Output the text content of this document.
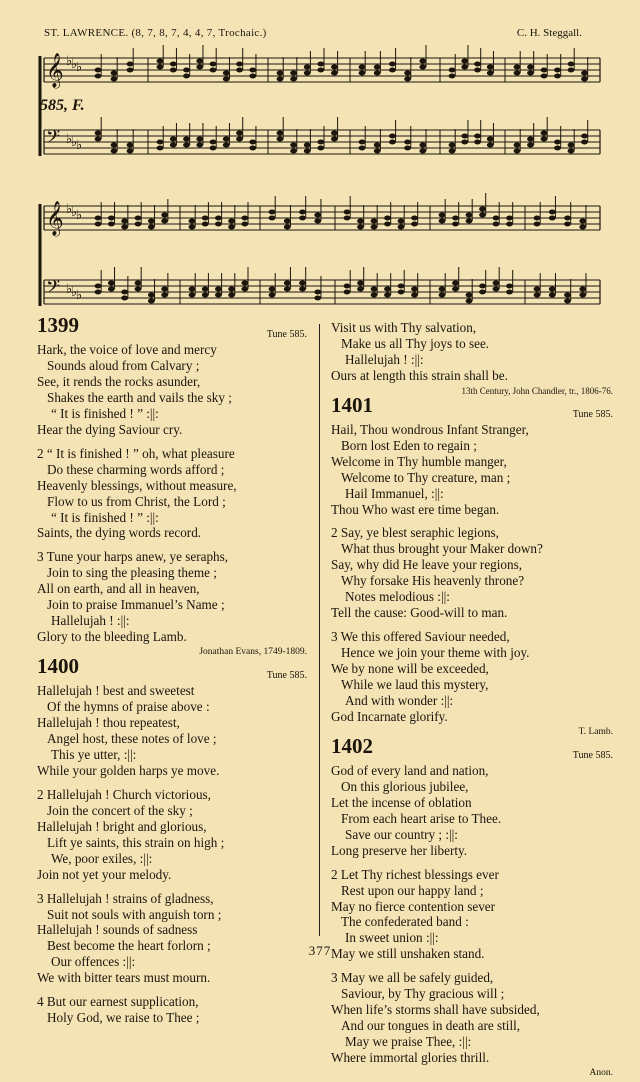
ST. LAWRENCE. (8, 7, 8, 7, 4, 4, 7, Trochaic.)	C. H. Steggall.
𝄞 ♭
♭
♭
𝄢 ♭
♭
♭
𝄞 ♭
♭
♭
𝄢 ♭
♭
♭
585, F.
1399	Tune 585.
Hark, the voice of love and mercy
Sounds aloud from Calvary ;
See, it rends the rocks asunder,
Shakes the earth and vails the sky ;
“ It is finished ! ” :||:
Hear the dying Saviour cry.
2 “ It is finished ! ” oh, what pleasure
Do these charming words afford ;
Heavenly blessings, without measure,
Flow to us from Christ, the Lord ;
“ It is finished ! ” :||:
Saints, the dying words record.
3 Tune your harps anew, ye seraphs,
Join to sing the pleasing theme ;
All on earth, and all in heaven,
Join to praise Immanuel’s Name ;
Hallelujah ! :||:
Glory to the bleeding Lamb.
Jonathan Evans, 1749-1809.
1400	Tune 585.
Hallelujah ! best and sweetest
Of the hymns of praise above :
Hallelujah ! thou repeatest,
Angel host, these notes of love ;
This ye utter, :||:
While your golden harps ye move.
2 Hallelujah ! Church victorious,
Join the concert of the sky ;
Hallelujah ! bright and glorious,
Lift ye saints, this strain on high ;
We, poor exiles, :||:
Join not yet your melody.
3 Hallelujah ! strains of gladness,
Suit not souls with anguish torn ;
Hallelujah ! sounds of sadness
Best become the heart forlorn ;
Our offences :||:
We with bitter tears must mourn.
4 But our earnest supplication,
Holy God, we raise to Thee ;
Visit us with Thy salvation,
Make us all Thy joys to see.
Hallelujah ! :||:
Ours at length this strain shall be.
13th Century, John Chandler, tr., 1806-76.
1401	Tune 585.
Hail, Thou wondrous Infant Stranger,
Born lost Eden to regain ;
Welcome in Thy humble manger,
Welcome to Thy creature, man ;
Hail Immanuel, :||:
Thou Who wast ere time began.
2 Say, ye blest seraphic legions,
What thus brought your Maker down?
Say, why did He leave your regions,
Why forsake His heavenly throne?
Notes melodious :||:
Tell the cause: Good-will to man.
3 We this offered Saviour needed,
Hence we join your theme with joy.
We by none will be exceeded,
While we laud this mystery,
And with wonder :||:
God Incarnate glorify.
T. Lamb.
1402	Tune 585.
God of every land and nation,
On this glorious jubilee,
Let the incense of oblation
From each heart arise to Thee.
Save our country ; :||:
Long preserve her liberty.
2 Let Thy richest blessings ever
Rest upon our happy land ;
May no fierce contention sever
The confederated band :
In sweet union :||:
May we still unshaken stand.
3 May we all be safely guided,
Saviour, by Thy gracious will ;
When life’s storms shall have subsided,
And our tongues in death are still,
May we praise Thee, :||:
Where immortal glories thrill.
Anon.
377
